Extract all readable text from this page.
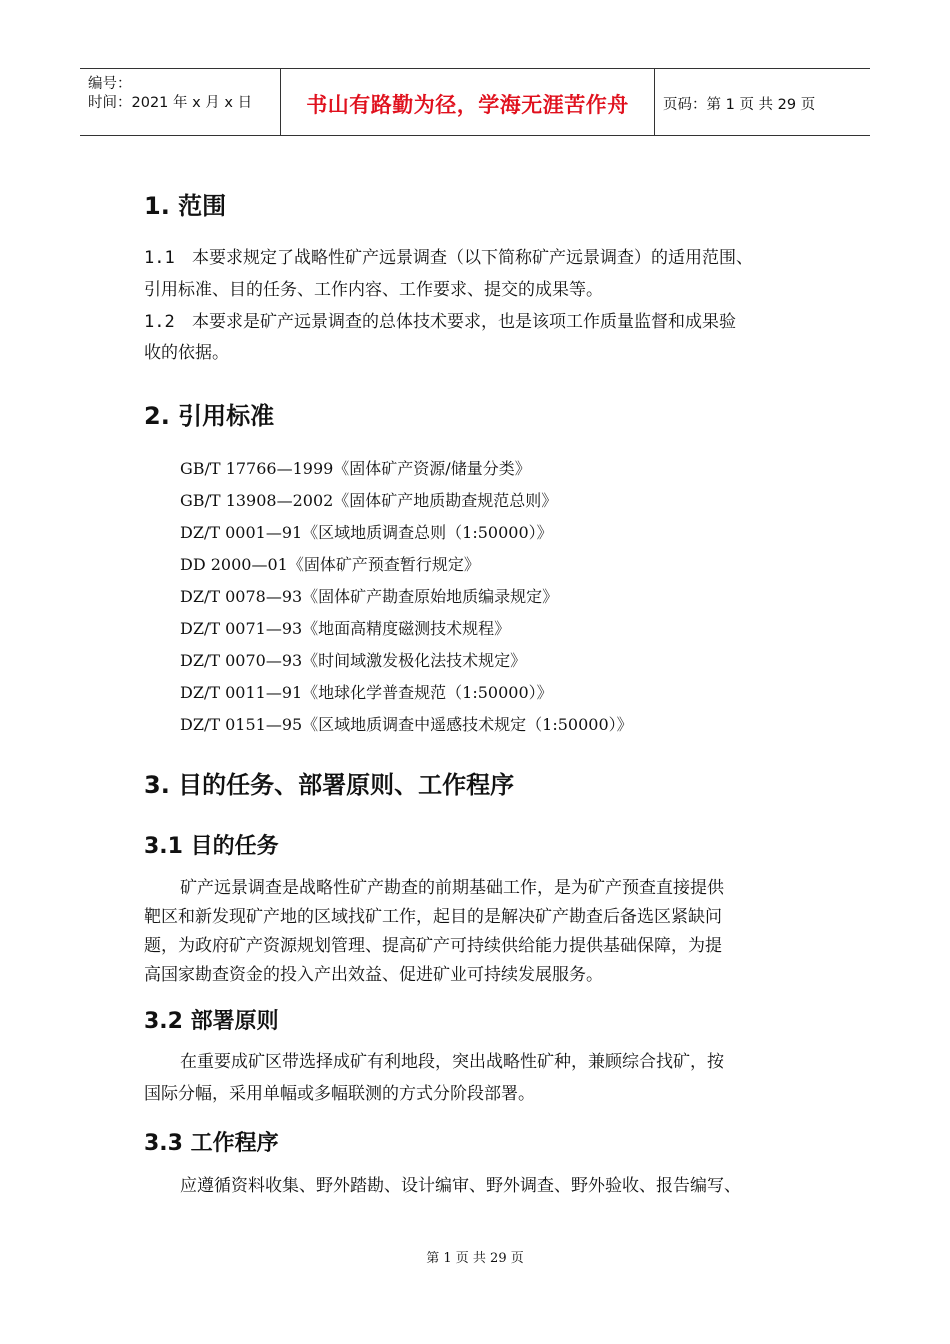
编号：
时间：2021 年 x 月 x 日	书山有路勤为径，学海无涯苦作舟	页码：第 1 页 共 29 页
1. 范围
1.1 本要求规定了战略性矿产远景调查（以下简称矿产远景调查）的适用范围、
引用标准、目的任务、工作内容、工作要求、提交的成果等。
1.2 本要求是矿产远景调查的总体技术要求，也是该项工作质量监督和成果验
收的依据。
2. 引用标准
GB/T 17766—1999《固体矿产资源/储量分类》
GB/T 13908—2002《固体矿产地质勘查规范总则》
DZ/T 0001—91《区域地质调查总则（1:50000）》
DD 2000—01《固体矿产预查暂行规定》
DZ/T 0078—93《固体矿产勘查原始地质编录规定》
DZ/T 0071—93《地面高精度磁测技术规程》
DZ/T 0070—93《时间域激发极化法技术规定》
DZ/T 0011—91《地球化学普查规范（1:50000）》
DZ/T 0151—95《区域地质调查中遥感技术规定（1:50000）》
3. 目的任务、部署原则、工作程序
3.1 目的任务
矿产远景调查是战略性矿产勘查的前期基础工作，是为矿产预查直接提供
靶区和新发现矿产地的区域找矿工作，起目的是解决矿产勘查后备选区紧缺问
题，为政府矿产资源规划管理、提高矿产可持续供给能力提供基础保障，为提
高国家勘查资金的投入产出效益、促进矿业可持续发展服务。
3.2 部署原则
在重要成矿区带选择成矿有利地段，突出战略性矿种，兼顾综合找矿，按
国际分幅，采用单幅或多幅联测的方式分阶段部署。
3.3 工作程序
应遵循资料收集、野外踏勘、设计编审、野外调查、野外验收、报告编写、
第 1 页 共 29 页
